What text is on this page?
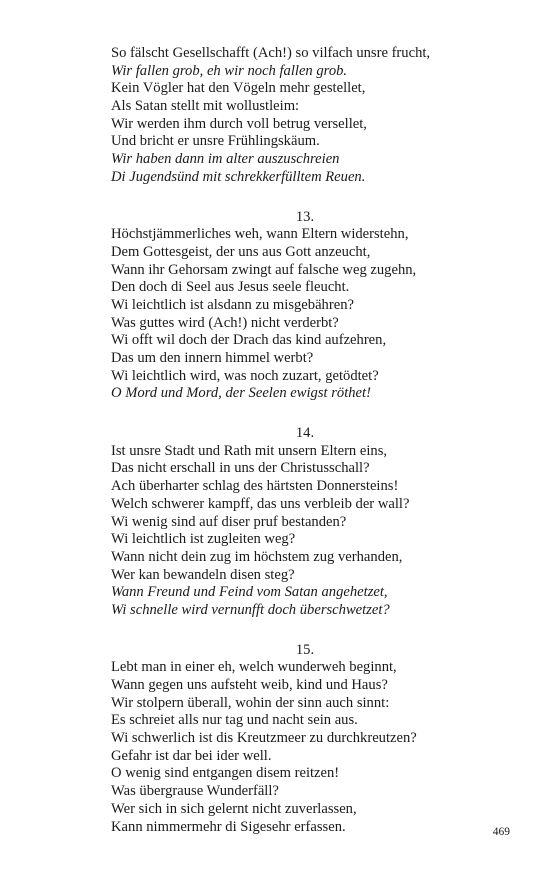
So fälscht Gesellschafft (Ach!) so vilfach unsre frucht,
Wir fallen grob, eh wir noch fallen grob.
Kein Vögler hat den Vögeln mehr gestellet,
Als Satan stellt mit wollustleim:
Wir werden ihm durch voll betrug versellet,
Und bricht er unsre Frühlingskäum.
Wir haben dann im alter auszuschreien
Di Jugendsünd mit schrekkerfülltem Reuen.
13.
Höchstjämmerliches weh, wann Eltern widerstehn,
Dem Gottesgeist, der uns aus Gott anzeucht,
Wann ihr Gehorsam zwingt auf falsche weg zugehn,
Den doch di Seel aus Jesus seele fleucht.
Wi leichtlich ist alsdann zu misgebähren?
Was guttes wird (Ach!) nicht verderbt?
Wi offt wil doch der Drach das kind aufzehren,
Das um den innern himmel werbt?
Wi leichtlich wird, was noch zuzart, getödtet?
O Mord und Mord, der Seelen ewigst röthet!
14.
Ist unsre Stadt und Rath mit unsern Eltern eins,
Das nicht erschall in uns der Christusschall?
Ach überharter schlag des härtsten Donnersteins!
Welch schwerer kampff, das uns verbleib der wall?
Wi wenig sind auf diser pruf bestanden?
Wi leichtlich ist zugleiten weg?
Wann nicht dein zug im höchstem zug verhanden,
Wer kan bewandeln disen steg?
Wann Freund und Feind vom Satan angehetzet,
Wi schnelle wird vernunfft doch überschwetzet?
15.
Lebt man in einer eh, welch wunderweh beginnt,
Wann gegen uns aufsteht weib, kind und Haus?
Wir stolpern überall, wohin der sinn auch sinnt:
Es schreiet alls nur tag und nacht sein aus.
Wi schwerlich ist dis Kreutzmeer zu durchkreutzen?
Gefahr ist dar bei ider well.
O wenig sind entgangen disem reitzen!
Was übergrause Wunderfäll?
Wer sich in sich gelernt nicht zuverlassen,
Kann nimmermehr di Sigesehr erfassen.	469
